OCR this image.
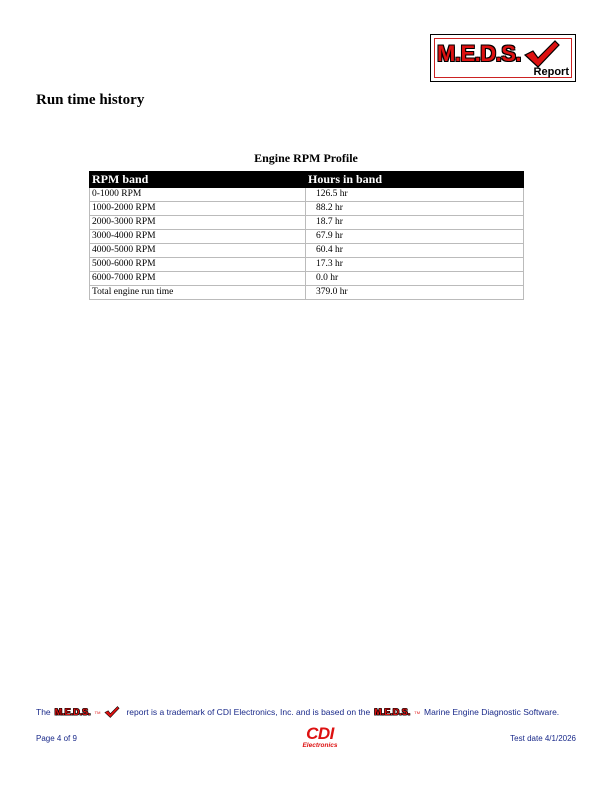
M.E.D.S.
Report
Run time history
Engine RPM Profile
RPM band	Hours in band
0-1000 RPM	126.5 hr
1000-2000 RPM	88.2 hr
2000-3000 RPM	18.7 hr
3000-4000 RPM	67.9 hr
4000-5000 RPM	60.4 hr
5000-6000 RPM	17.3 hr
6000-7000 RPM	0.0 hr
Total engine run time	379.0 hr
The M.E.D.S. TM	report is a trademark of CDI Electronics, Inc. and is based on the M.E.D.S. TM Marine Engine Diagnostic Software.
Page 4 of 9	CDI
Electronics
Test date 4/1/2026
